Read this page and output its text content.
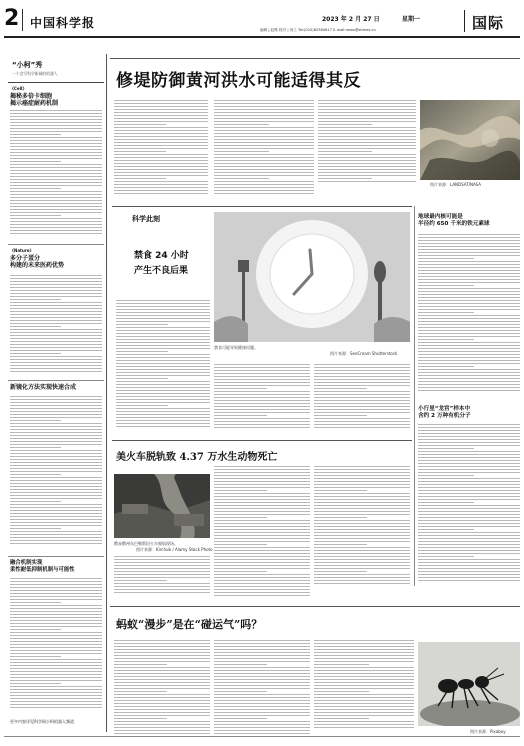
2 中国科学报	2023 年 2 月 27 日	星期一
编辑 | 赵路 校对 | 何工 Tel:(010)62580617 E-mail:news@stimes.cn	国际
“小柯”秀
一个会写科学新闻的机器人
《Cell》
揭秘多倍卡细胞
揭示癌症耐药机制
《Nature》
多分子蛋分
构建的未来医药优势
新镜化方法实现快速合成
融合机制实现
柔性耐低抑制机制与可能性
更多内容详见科学网小柯机器人频道
修堤防御黄河洪水可能适得其反
图片来源：LANDSAT/NASA
科学此刻
禁食 24 小时
产生不良后果
禁食可能导致健康问题。
图片来源：SeeCream Shutterstock
地球最内核可能是
半径约 650 千米的铁元素球
小行星“龙宫”样本中
含约 2 万种有机分子
美火车脱轨致 4.37 万水生动物死亡
俄亥俄州东巴勒斯坦火车脱轨现场。
图片来源：Kirchub / Alamy Stock Photo
蚂蚁“漫步”是在“碰运气”吗？
图片来源：Pixabay
